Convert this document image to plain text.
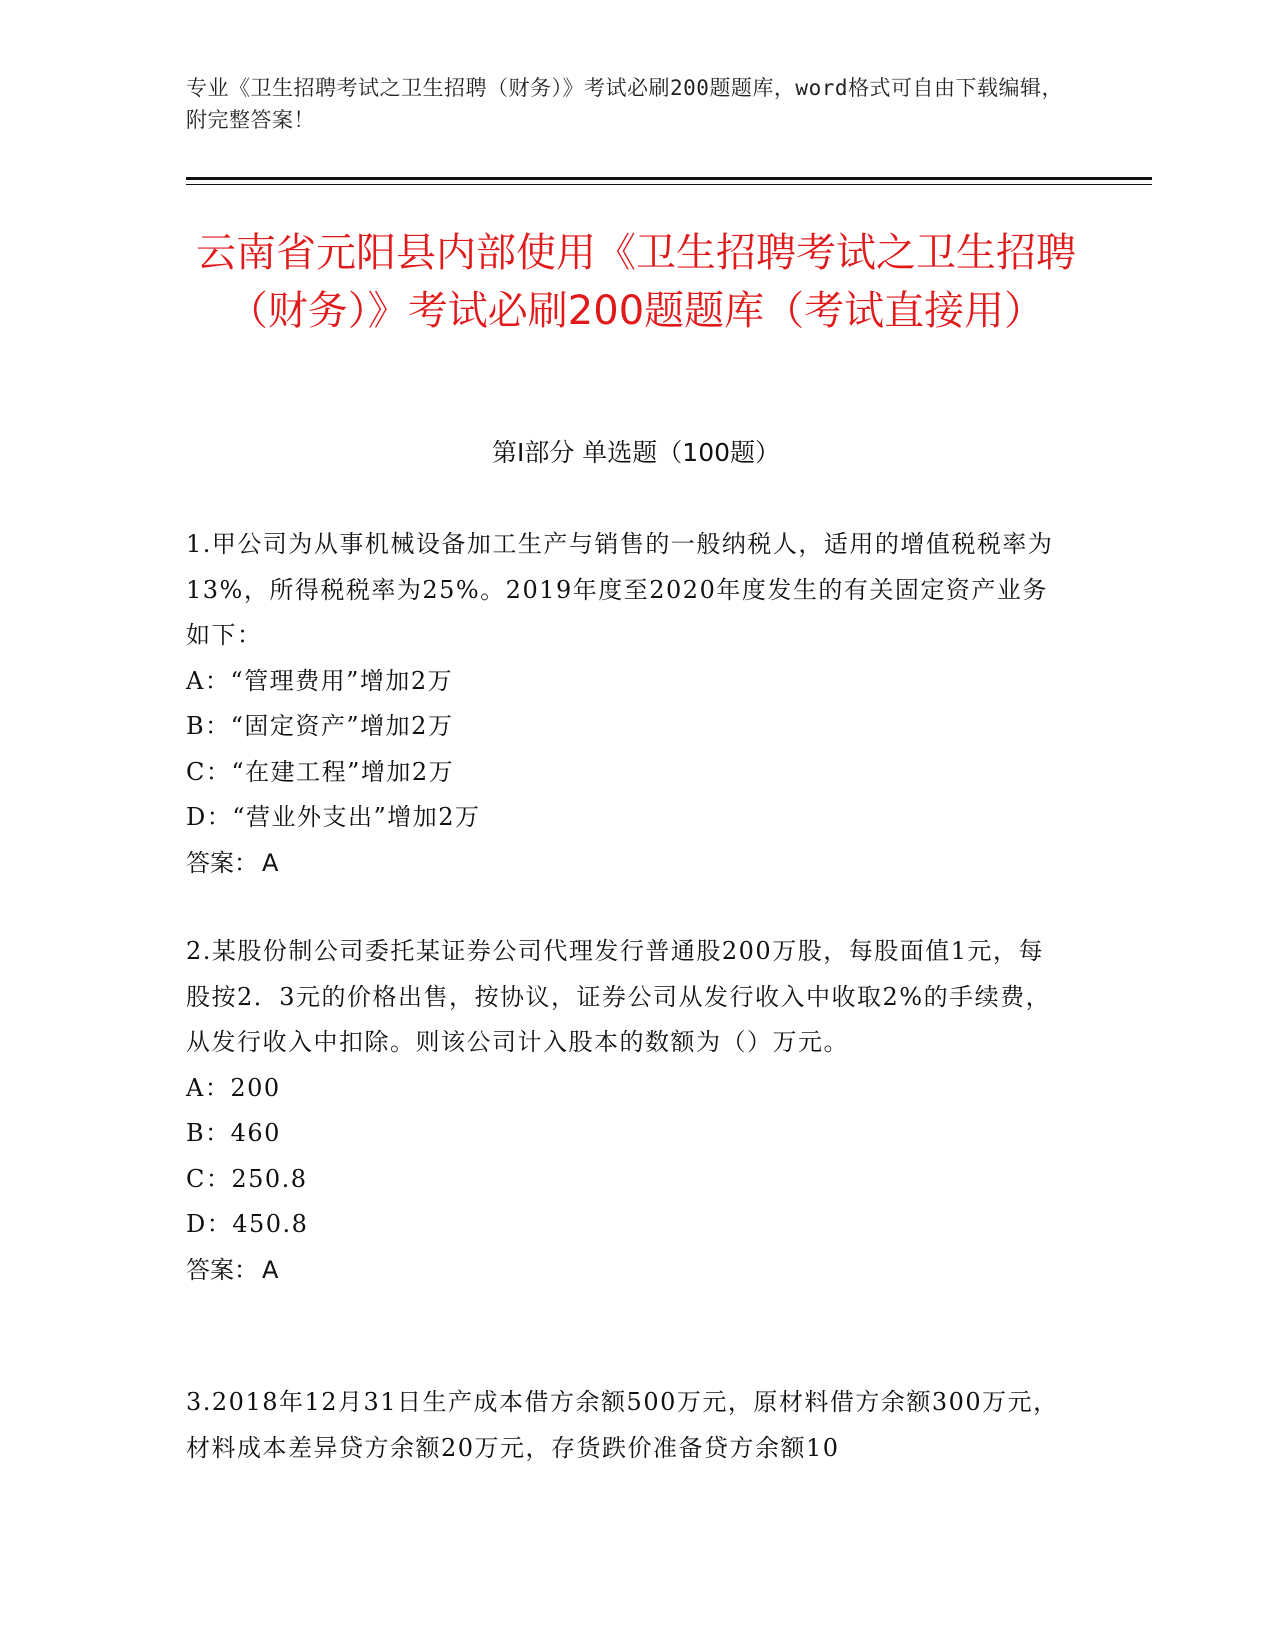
专业《卫生招聘考试之卫生招聘（财务）》考试必刷200题题库，word格式可自由下载编辑，附完整答案！
云南省元阳县内部使用《卫生招聘考试之卫生招聘（财务）》考试必刷200题题库（考试直接用）
第Ⅰ部分 单选题（100题）

1.甲公司为从事机械设备加工生产与销售的一般纳税人，适用的增值税税率为13%，所得税税率为25%。2019年度至2020年度发生的有关固定资产业务如下：

A：“管理费用”增加2万

B：“固定资产”增加2万

C：“在建工程”增加2万

D：“营业外支出”增加2万

答案： A

2.某股份制公司委托某证券公司代理发行普通股200万股，每股面值1元，每股按2．3元的价格出售，按协议，证券公司从发行收入中收取2%的手续费，从发行收入中扣除。则该公司计入股本的数额为（）万元。

A：200

B：460

C：250.8

D：450.8

答案： A

3.2018年12月31日生产成本借方余额500万元，原材料借方余额300万元，材料成本差异贷方余额20万元，存货跌价准备贷方余额10
